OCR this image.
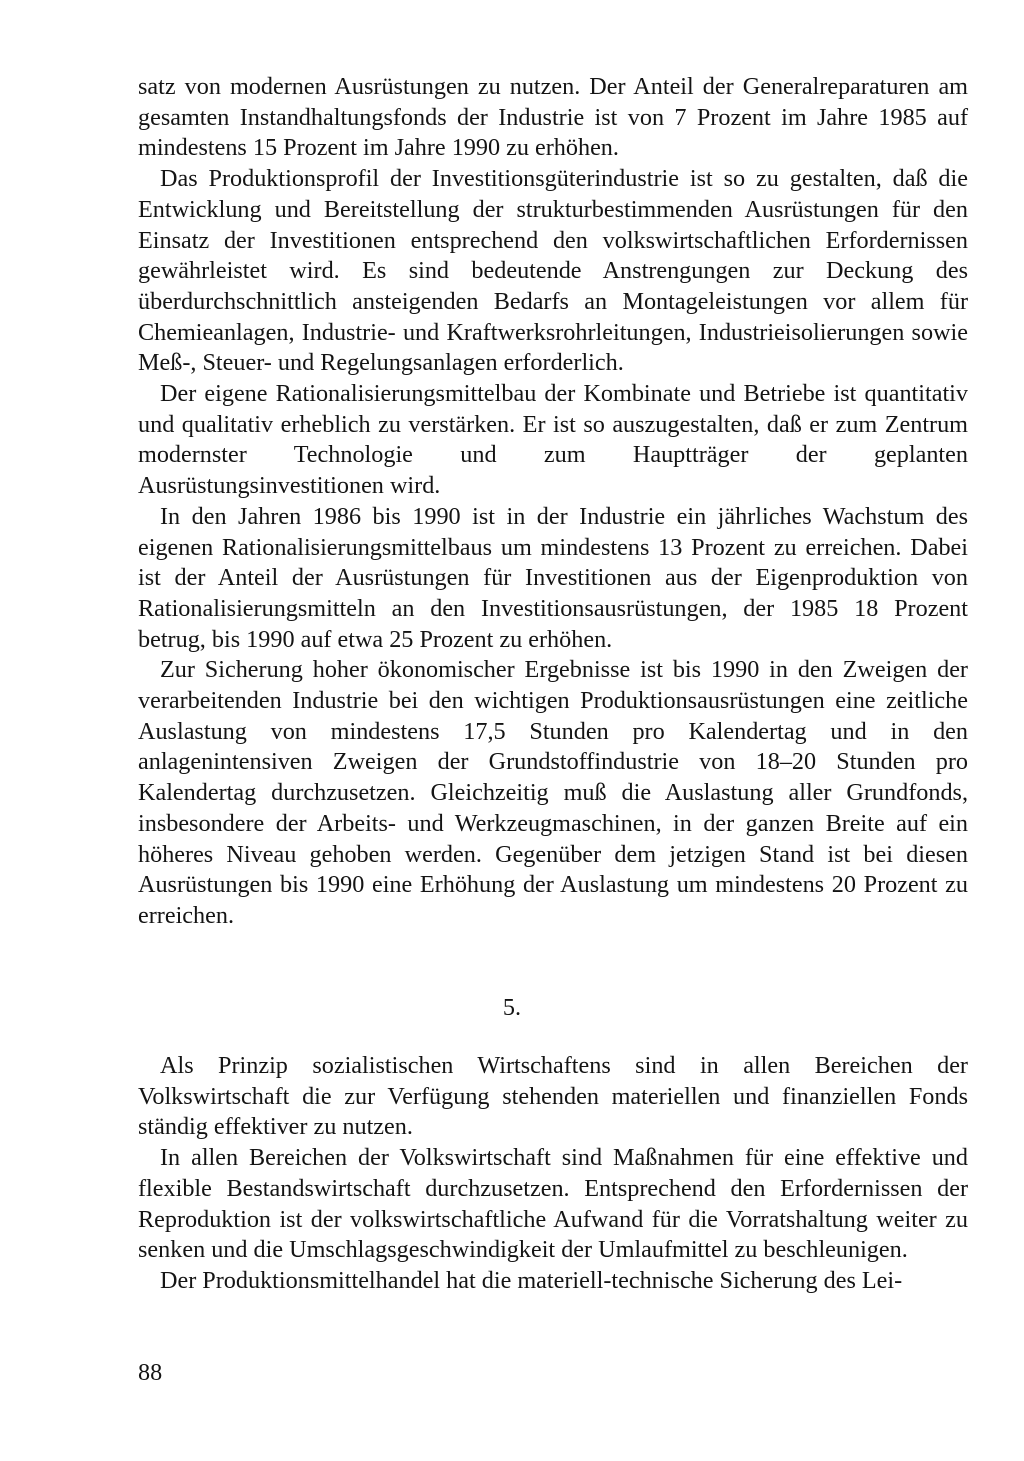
satz von modernen Ausrüstungen zu nutzen. Der Anteil der Generalreparaturen am gesamten Instandhaltungsfonds der Industrie ist von 7 Prozent im Jahre 1985 auf mindestens 15 Prozent im Jahre 1990 zu erhöhen.

Das Produktionsprofil der Investitionsgüterindustrie ist so zu gestalten, daß die Entwicklung und Bereitstellung der strukturbestimmenden Ausrüstungen für den Einsatz der Investitionen entsprechend den volkswirtschaftlichen Erfordernissen gewährleistet wird. Es sind bedeutende Anstrengungen zur Deckung des überdurchschnittlich ansteigenden Bedarfs an Montageleistungen vor allem für Chemieanlagen, Industrie- und Kraftwerksrohrleitungen, Industrieisolierungen sowie Meß-, Steuer- und Regelungsanlagen erforderlich.

Der eigene Rationalisierungsmittelbau der Kombinate und Betriebe ist quantitativ und qualitativ erheblich zu verstärken. Er ist so auszugestalten, daß er zum Zentrum modernster Technologie und zum Hauptträger der geplanten Ausrüstungsinvestitionen wird.

In den Jahren 1986 bis 1990 ist in der Industrie ein jährliches Wachstum des eigenen Rationalisierungsmittelbaus um mindestens 13 Prozent zu erreichen. Dabei ist der Anteil der Ausrüstungen für Investitionen aus der Eigenproduktion von Rationalisierungsmitteln an den Investitionsausrüstungen, der 1985 18 Prozent betrug, bis 1990 auf etwa 25 Prozent zu erhöhen.

Zur Sicherung hoher ökonomischer Ergebnisse ist bis 1990 in den Zweigen der verarbeitenden Industrie bei den wichtigen Produktionsausrüstungen eine zeitliche Auslastung von mindestens 17,5 Stunden pro Kalendertag und in den anlagenintensiven Zweigen der Grundstoffindustrie von 18–20 Stunden pro Kalendertag durchzusetzen. Gleichzeitig muß die Auslastung aller Grundfonds, insbesondere der Arbeits- und Werkzeugmaschinen, in der ganzen Breite auf ein höheres Niveau gehoben werden. Gegenüber dem jetzigen Stand ist bei diesen Ausrüstungen bis 1990 eine Erhöhung der Auslastung um mindestens 20 Prozent zu erreichen.

5.

Als Prinzip sozialistischen Wirtschaftens sind in allen Bereichen der Volkswirtschaft die zur Verfügung stehenden materiellen und finanziellen Fonds ständig effektiver zu nutzen.

In allen Bereichen der Volkswirtschaft sind Maßnahmen für eine effektive und flexible Bestandswirtschaft durchzusetzen. Entsprechend den Erfordernissen der Reproduktion ist der volkswirtschaftliche Aufwand für die Vorratshaltung weiter zu senken und die Umschlagsgeschwindigkeit der Umlaufmittel zu beschleunigen.

Der Produktionsmittelhandel hat die materiell-technische Sicherung des Lei-

88
